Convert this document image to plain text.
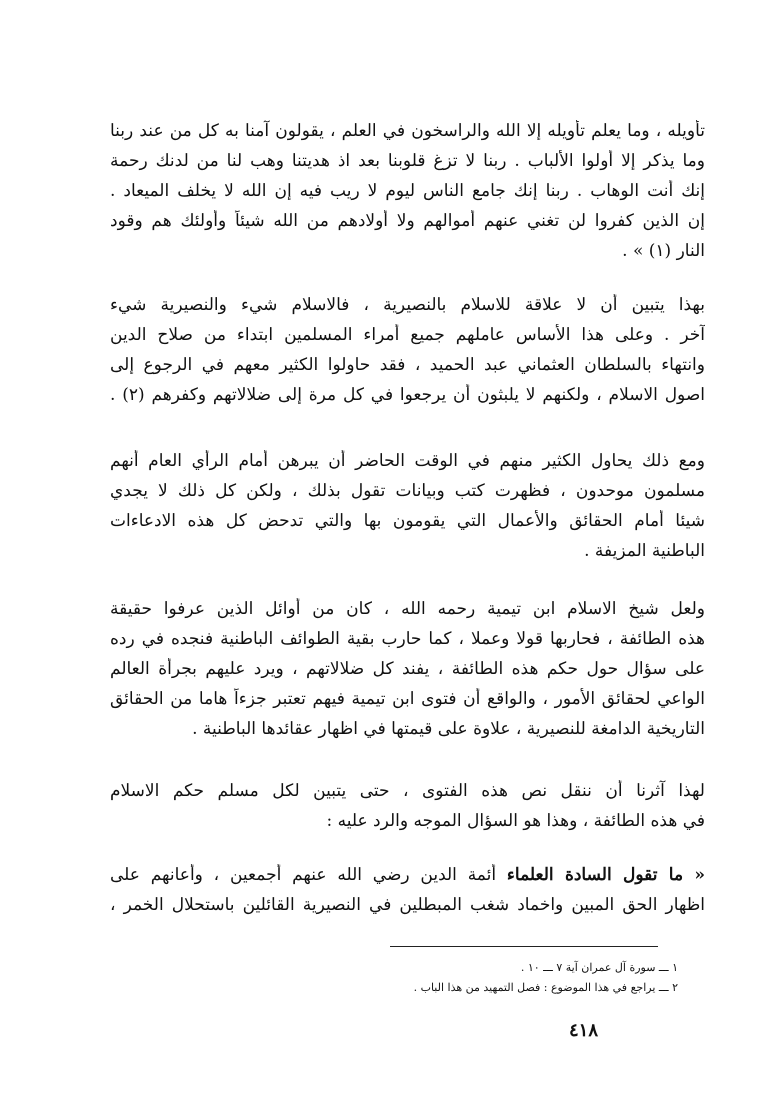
تأويله ، وما يعلم تأويله إلا الله والراسخون في العلم ، يقولون آمنا به كل من عند ربنا
وما يذكر إلا أولوا الألباب . ربنا لا تزغ قلوبنا بعد اذ هديتنا وهب لنا من لدنك رحمة
إنك أنت الوهاب . ربنا إنك جامع الناس ليوم لا ريب فيه إن الله لا يخلف الميعاد .
إن الذين كفروا لن تغني عنهم أموالهم ولا أولادهم من الله شيئاً وأولئك هم وقود
النار (١) » .
بهذا يتبين أن لا علاقة للاسلام بالنصيرية ، فالاسلام شيء والنصيرية شيء
آخر . وعلى هذا الأساس عاملهم جميع أمراء المسلمين ابتداء من صلاح الدين
وانتهاء بالسلطان العثماني عبد الحميد ، فقد حاولوا الكثير معهم في الرجوع إلى
اصول الاسلام ، ولكنهم لا يلبثون أن يرجعوا في كل مرة إلى ضلالاتهم وكفرهم (٢) .
ومع ذلك يحاول الكثير منهم في الوقت الحاضر أن يبرهن أمام الرأي العام أنهم
مسلمون موحدون ، فظهرت كتب وبيانات تقول بذلك ، ولكن كل ذلك لا يجدي
شيئا أمام الحقائق والأعمال التي يقومون بها والتي تدحض كل هذه الادعاءات
الباطنية المزيفة .
ولعل شيخ الاسلام ابن تيمية رحمه الله ، كان من أوائل الذين عرفوا حقيقة
هذه الطائفة ، فحاربها قولا وعملا ، كما حارب بقية الطوائف الباطنية فنجده في رده
على سؤال حول حكم هذه الطائفة ، يفند كل ضلالاتهم ، ويرد عليهم بجرأة العالم
الواعي لحقائق الأمور ، والواقع أن فتوى ابن تيمية فيهم تعتبر جزءاً هاما من الحقائق
التاريخية الدامغة للنصيرية ، علاوة على قيمتها في اظهار عقائدها الباطنية .
لهذا آثرنا أن ننقل نص هذه الفتوى ، حتى يتبين لكل مسلم حكم الاسلام
في هذه الطائفة ، وهذا هو السؤال الموجه والرد عليه :
« ما تقول السادة العلماء أئمة الدين رضي الله عنهم أجمعين ، وأعانهم على
اظهار الحق المبين واخماد شغب المبطلين في النصيرية القائلين باستحلال الخمر ،
١ ـــ سورة آل عمران آية ٧ ـــ ١٠ .
٢ ـــ يراجع في هذا الموضوع : فصل التمهيد من هذا الباب .
٤١٨
